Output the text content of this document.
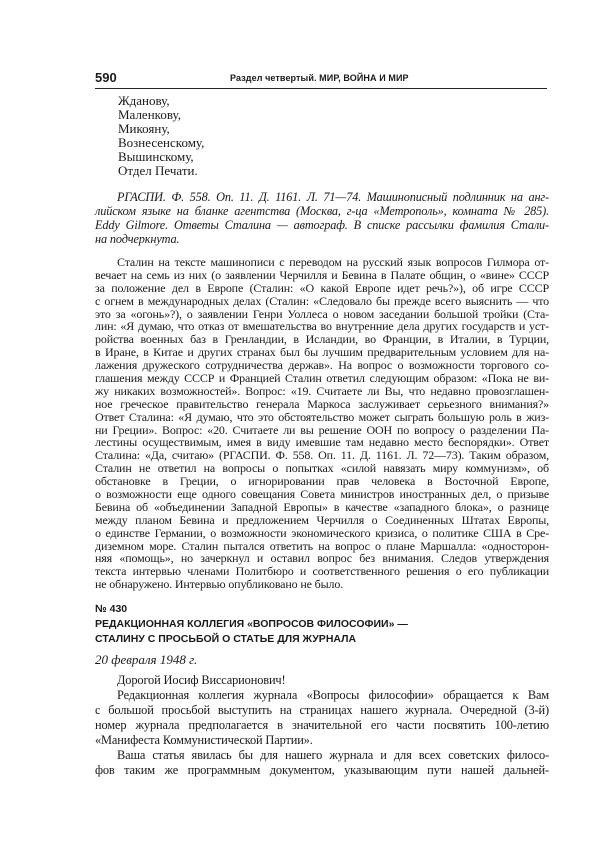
590	Раздел четвертый. МИР, ВОЙНА И МИР
Жданову,
Маленкову,
Микояну,
Вознесенскому,
Вышинскому,
Отдел Печати.
РГАСПИ. Ф. 558. Оп. 11. Д. 1161. Л. 71—74. Машинописный подлинник на анг-
лийском языке на бланке агентства (Москва, г-ца «Метрополь», комната № 285).
Eddy Gilmore. Ответы Сталина — автограф. В списке рассылки фамилия Стали-
на подчеркнута.
Сталин на тексте машинописи с переводом на русский язык вопросов Гилмора от-
вечает на семь из них (о заявлении Черчилля и Бевина в Палате общин, о «вине» СССР
за положение дел в Европе (Сталин: «О какой Европе идет речь?»), об игре СССР
с огнем в международных делах (Сталин: «Следовало бы прежде всего выяснить — что
это за «огонь»?), о заявлении Генри Уоллеса о новом заседании большой тройки (Ста-
лин: «Я думаю, что отказ от вмешательства во внутренние дела других государств и уст-
ройства военных баз в Гренландии, в Исландии, во Франции, в Италии, в Турции,
в Иране, в Китае и других странах был бы лучшим предварительным условием для на-
лажения дружеского сотрудничества держав». На вопрос о возможности торгового со-
глашения между СССР и Францией Сталин ответил следующим образом: «Пока не ви-
жу никаких возможностей». Вопрос: «19. Считаете ли Вы, что недавно провозглашен-
ное греческое правительство генерала Маркоса заслуживает серьезного внимания?»
Ответ Сталина: «Я думаю, что это обстоятельство может сыграть большую роль в жиз-
ни Греции». Вопрос: «20. Считаете ли вы решение ООН по вопросу о разделении Па-
лестины осуществимым, имея в виду имевшие там недавно место беспорядки». Ответ
Сталина: «Да, считаю» (РГАСПИ. Ф. 558. Оп. 11. Д. 1161. Л. 72—73). Таким образом,
Сталин не ответил на вопросы о попытках «силой навязать миру коммунизм», об
обстановке в Греции, о игнорировании прав человека в Восточной Европе,
о возможности еще одного совещания Совета министров иностранных дел, о призыве
Бевина об «объединении Западной Европы» в качестве «западного блока», о разнице
между планом Бевина и предложением Черчилля о Соединенных Штатах Европы,
о единстве Германии, о возможности экономического кризиса, о политике США в Сре-
диземном море. Сталин пытался ответить на вопрос о плане Маршалла: «односторон-
няя «помощь», но зачеркнул и оставил вопрос без внимания. Следов утверждения
текста интервью членами Политбюро и соответственного решения о его публикации
не обнаружено. Интервью опубликовано не было.
№ 430
РЕДАКЦИОННАЯ КОЛЛЕГИЯ «ВОПРОСОВ ФИЛОСОФИИ» —
СТАЛИНУ С ПРОСЬБОЙ О СТАТЬЕ ДЛЯ ЖУРНАЛА
20 февраля 1948 г.
Дорогой Иосиф Виссарионович!
Редакционная коллегия журнала «Вопросы философии» обращается к Вам
с большой просьбой выступить на страницах нашего журнала. Очередной (3-й)
номер журнала предполагается в значительной его части посвятить 100-летию
«Манифеста Коммунистической Партии».
Ваша статья явилась бы для нашего журнала и для всех советских филосо-
фов таким же программным документом, указывающим пути нашей дальней-
